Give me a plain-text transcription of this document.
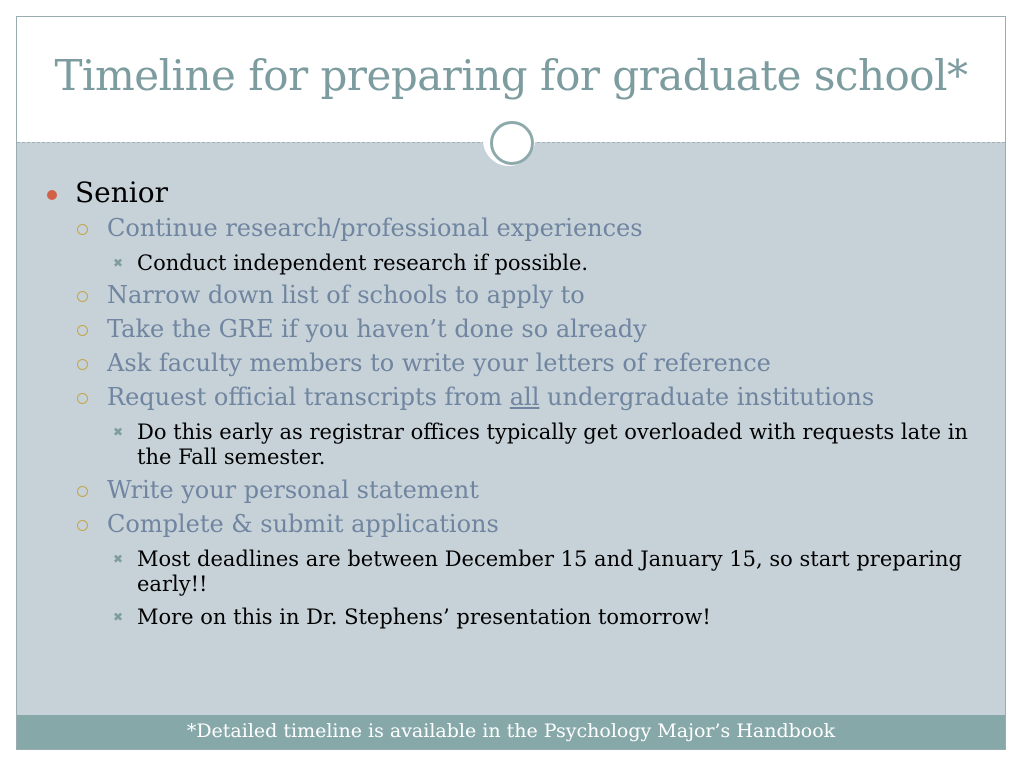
Timeline for preparing for graduate school*
Senior
Continue research/professional experiences
✖ Conduct independent research if possible.
Narrow down list of schools to apply to
Take the GRE if you haven’t done so already
Ask faculty members to write your letters of reference
Request official transcripts from all undergraduate institutions
✖ Do this early as registrar offices typically get overloaded with requests late in the Fall semester.
Write your personal statement
Complete & submit applications
✖ Most deadlines are between December 15 and January 15, so start preparing early!!
✖ More on this in Dr. Stephens’ presentation tomorrow!
*Detailed timeline is available in the Psychology Major’s Handbook
